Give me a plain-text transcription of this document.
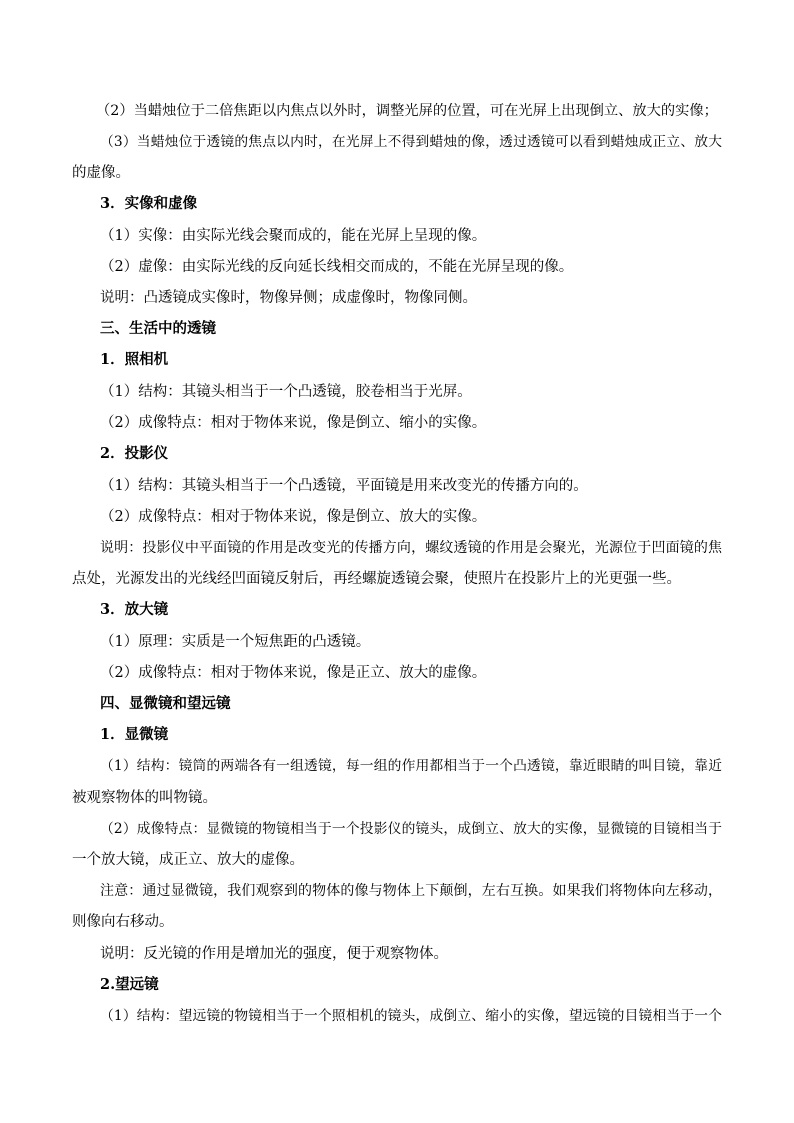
（2）当蜡烛位于二倍焦距以内焦点以外时，调整光屏的位置，可在光屏上出现倒立、放大的实像；
（3）当蜡烛位于透镜的焦点以内时，在光屏上不得到蜡烛的像，透过透镜可以看到蜡烛成正立、放大
的虚像。
3．实像和虚像
（1）实像：由实际光线会聚而成的，能在光屏上呈现的像。
（2）虚像：由实际光线的反向延长线相交而成的，不能在光屏呈现的像。
说明：凸透镜成实像时，物像异侧；成虚像时，物像同侧。
三、生活中的透镜
1．照相机
（1）结构：其镜头相当于一个凸透镜，胶卷相当于光屏。
（2）成像特点：相对于物体来说，像是倒立、缩小的实像。
2．投影仪
（1）结构：其镜头相当于一个凸透镜，平面镜是用来改变光的传播方向的。
（2）成像特点：相对于物体来说，像是倒立、放大的实像。
说明：投影仪中平面镜的作用是改变光的传播方向，螺纹透镜的作用是会聚光，光源位于凹面镜的焦
点处，光源发出的光线经凹面镜反射后，再经螺旋透镜会聚，使照片在投影片上的光更强一些。
3．放大镜
（1）原理：实质是一个短焦距的凸透镜。
（2）成像特点：相对于物体来说，像是正立、放大的虚像。
四、显微镜和望远镜
1．显微镜
（1）结构：镜筒的两端各有一组透镜，每一组的作用都相当于一个凸透镜，靠近眼睛的叫目镜，靠近
被观察物体的叫物镜。
（2）成像特点：显微镜的物镜相当于一个投影仪的镜头，成倒立、放大的实像，显微镜的目镜相当于
一个放大镜，成正立、放大的虚像。
注意：通过显微镜，我们观察到的物体的像与物体上下颠倒，左右互换。如果我们将物体向左移动，
则像向右移动。
说明：反光镜的作用是增加光的强度，便于观察物体。
2.望远镜
（1）结构：望远镜的物镜相当于一个照相机的镜头，成倒立、缩小的实像，望远镜的目镜相当于一个
